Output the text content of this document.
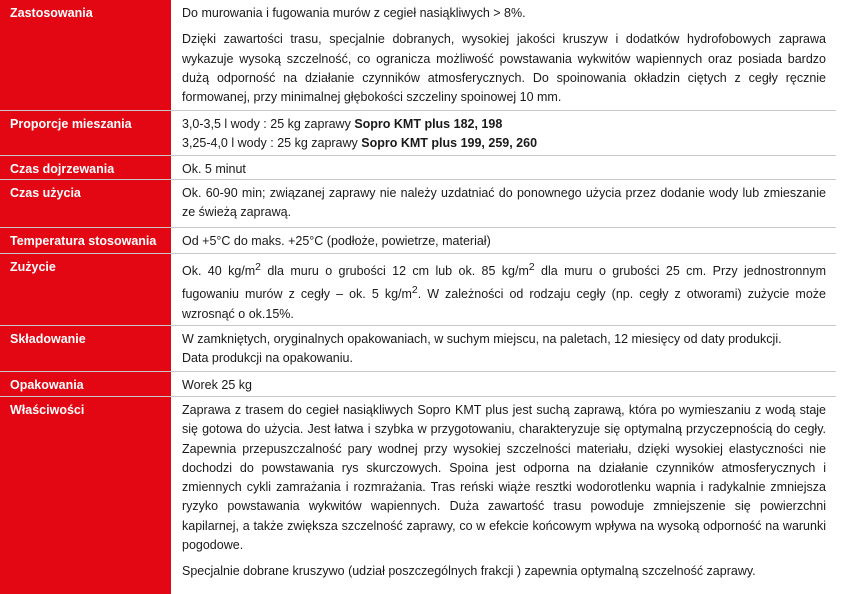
Zastosowania	Do murowania i fugowania murów z cegieł nasiąkliwych > 8%.

Dzięki zawartości trasu, specjalnie dobranych, wysokiej jakości kruszyw i dodatków hydrofobowych zaprawa wykazuje wysoką szczelność, co ogranicza możliwość powstawania wykwitów wapiennych oraz posiada bardzo dużą odporność na działanie czynników atmosferycznych. Do spoinowania okładzin ciętych z cegły ręcznie formowanej, przy minimalnej głębokości szczeliny spoinowej 10 mm.

Proporcje mieszania	3,0-3,5 l wody : 25 kg zaprawy Sopro KMT plus 182, 198

3,25-4,0 l wody : 25 kg zaprawy Sopro KMT plus 199, 259, 260

Czas dojrzewania	Ok. 5 minut

Czas użycia	Ok. 60-90 min; związanej zaprawy nie należy uzdatniać do ponownego użycia przez dodanie wody lub zmieszanie ze świeżą zaprawą.

Temperatura stosowania	Od +5°C do maks. +25°C (podłoże, powietrze, materiał)

Zużycie	Ok. 40 $kg/m^2$ dla muru o grubości 12 cm lub ok. 85 $kg/m^2$ dla muru o grubości 25 cm. Przy jednostronnym fugowaniu murów z cegły – ok. 5 $kg/m^2$. W zależności od rodzaju cegły (np. cegły z otworami) zużycie może wzrosnąć o ok.15%.

Składowanie	W zamkniętych, oryginalnych opakowaniach, w suchym miejscu, na paletach, 12 miesięcy od daty produkcji.

Data produkcji na opakowaniu.

Opakowania	Worek 25 kg

Właściwości	Zaprawa z trasem do cegieł nasiąkliwych Sopro KMT plus jest suchą zaprawą, która po wymieszaniu z wodą staje się gotowa do użycia. Jest łatwa i szybka w przygotowaniu, charakteryzuje się optymalną przyczepnością do cegły. Zapewnia przepuszczalność pary wodnej przy wysokiej szczelności materiału, dzięki wysokiej elastyczności nie dochodzi do powstawania rys skurczowych. Spoina jest odporna na działanie czynników atmosferycznych i zmiennych cykli zamrażania i rozmrażania. Tras reński wiąże resztki wodorotlenku wapnia i radykalnie zmniejsza ryzyko powstawania wykwitów wapiennych. Duża zawartość trasu powoduje zmniejszenie się powierzchni kapilarnej, a także zwiększa szczelność zaprawy, co w efekcie końcowym wpływa na wysoką odporność na warunki pogodowe.

Specjalnie dobrane kruszywo (udział poszczególnych frakcji ) zapewnia optymalną szczelność zaprawy.
